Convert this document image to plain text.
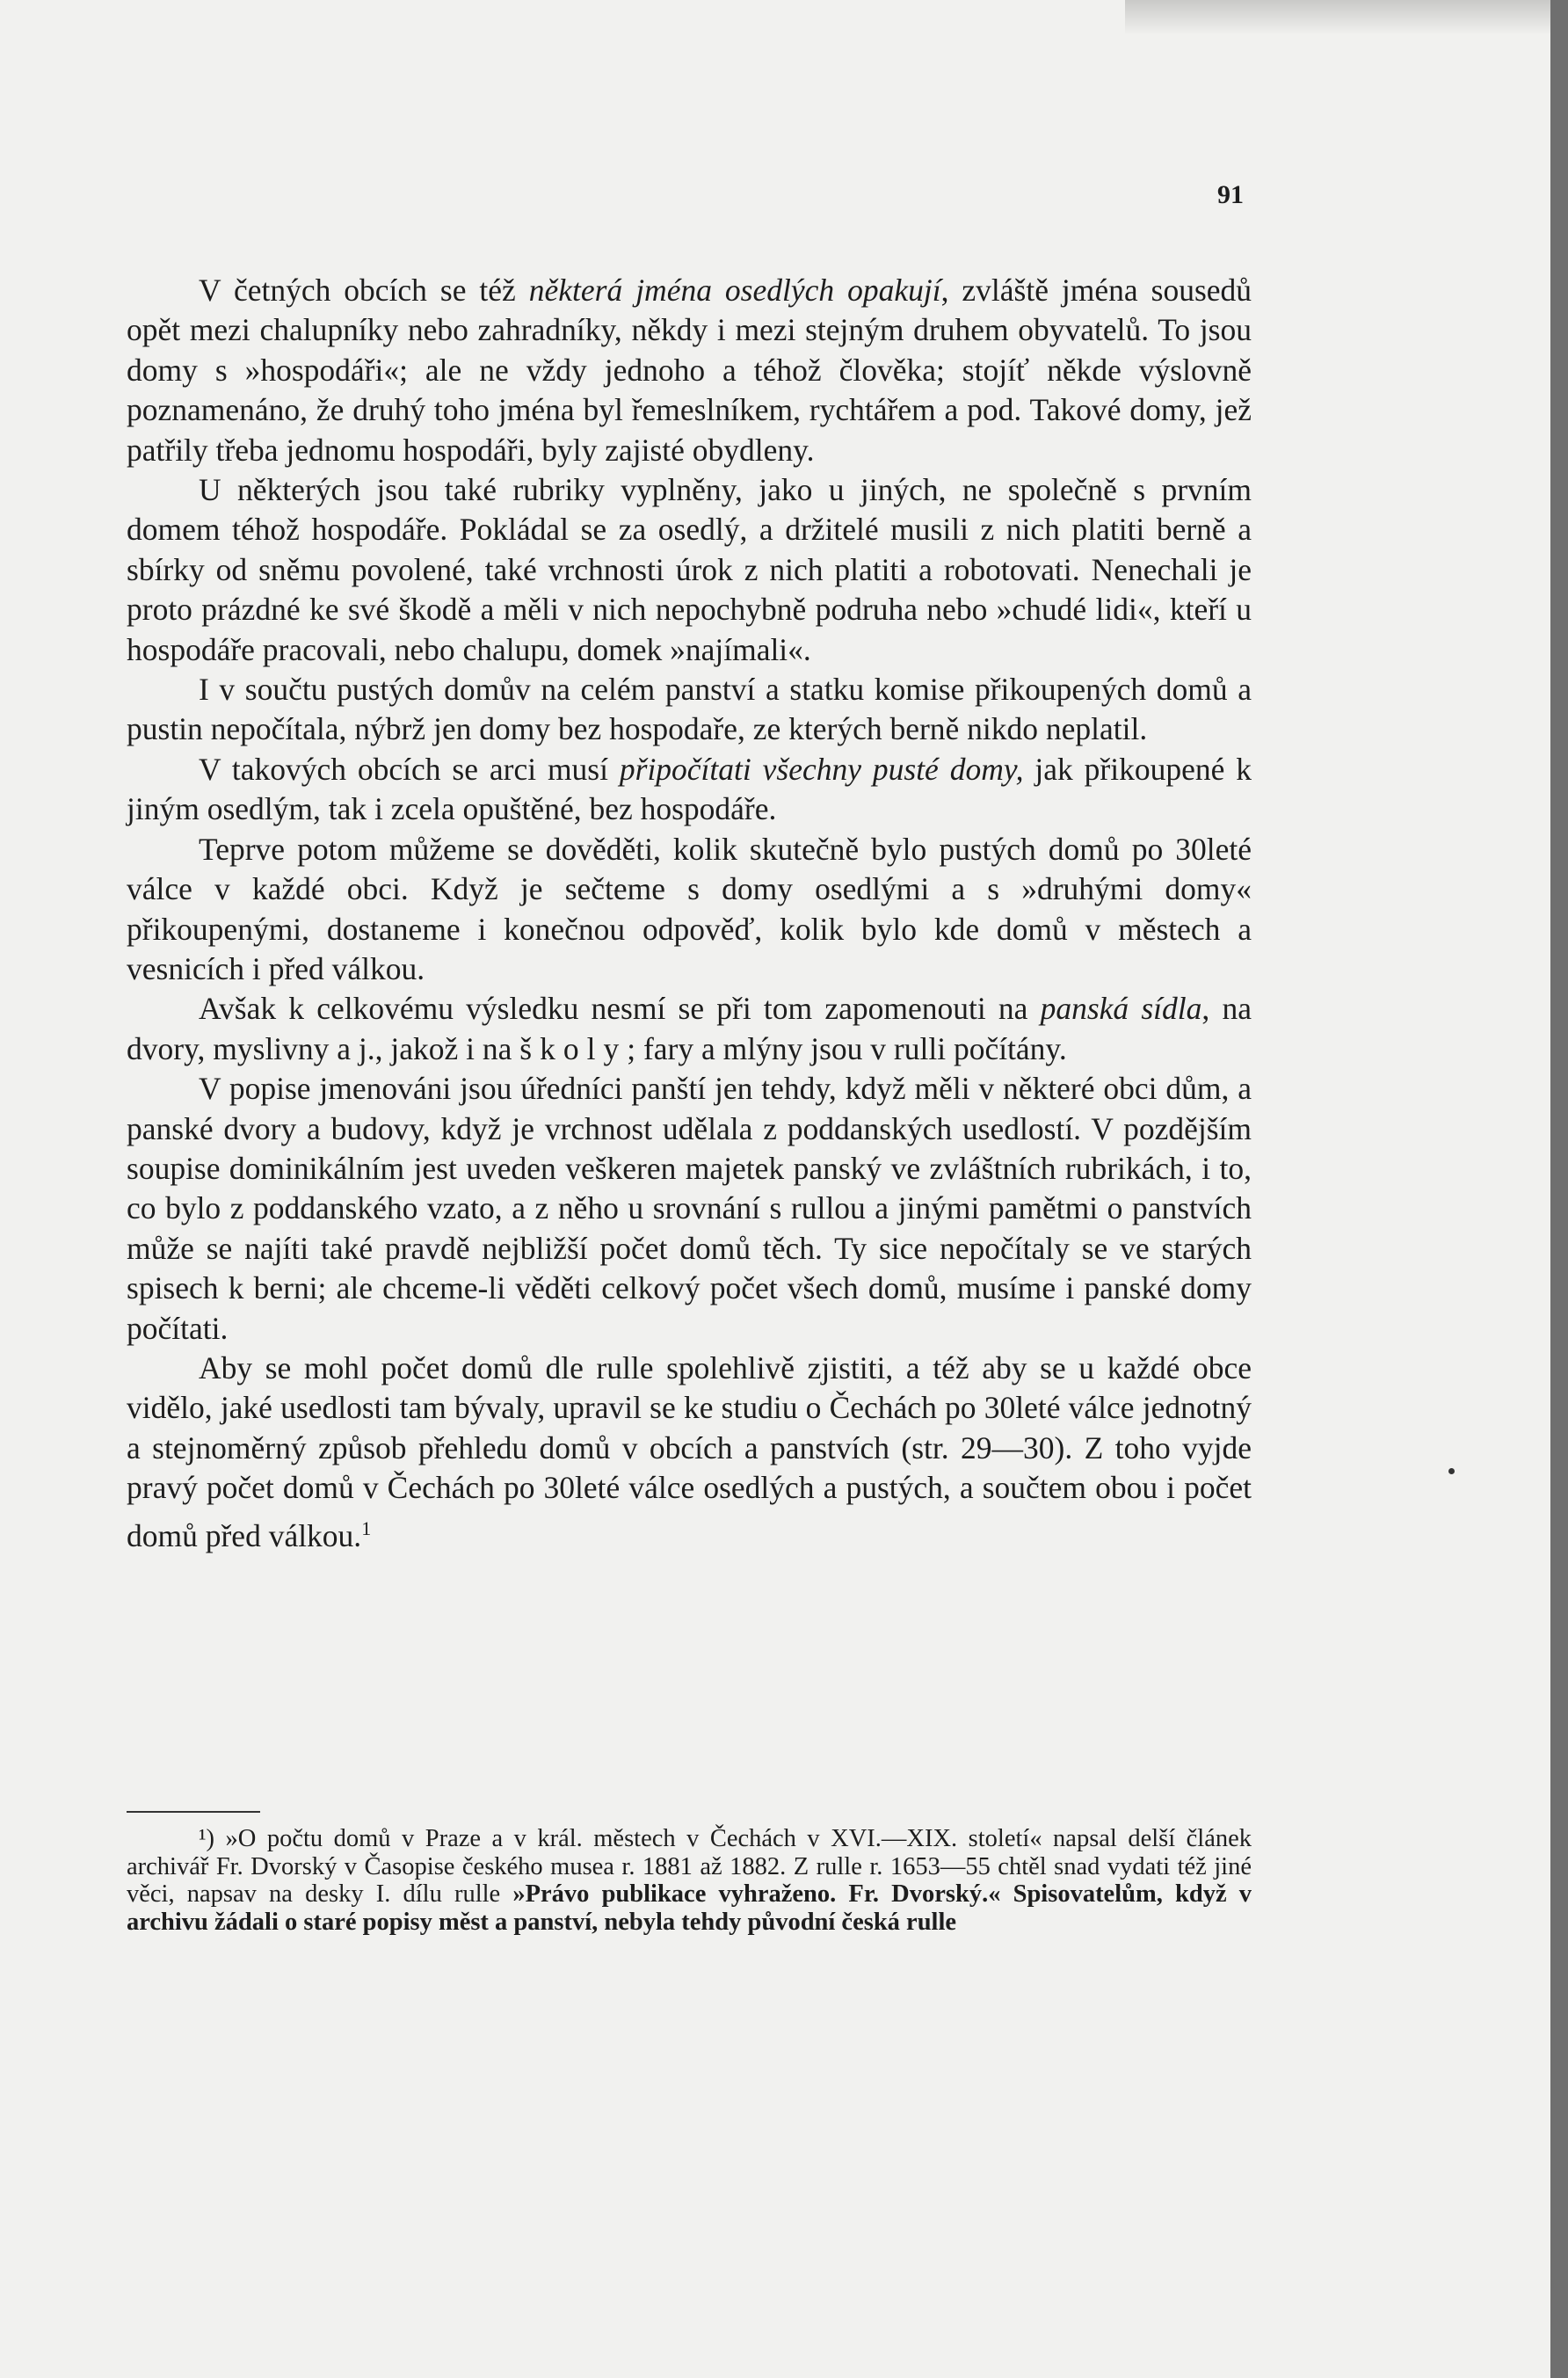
91

V četných obcích se též některá jména osedlých opakují, zvláště jména sousedů opět mezi chalupníky nebo zahradníky, někdy i mezi stejným druhem obyvatelů. To jsou domy s »hospodáři«; ale ne vždy jednoho a téhož člověka; stojíť někde výslovně poznamenáno, že druhý toho jména byl řemeslníkem, rychtářem a pod. Takové domy, jež patřily třeba jednomu hospodáři, byly zajisté obydleny.

U některých jsou také rubriky vyplněny, jako u jiných, ne společně s prvním domem téhož hospodáře. Pokládal se za osedlý, a držitelé musili z nich platiti berně a sbírky od sněmu povolené, také vrchnosti úrok z nich platiti a robotovati. Nenechali je proto prázdné ke své škodě a měli v nich nepochybně podruha nebo »chudé lidi«, kteří u hospodáře pracovali, nebo chalupu, domek »najímali«.

I v součtu pustých domův na celém panství a statku komise přikoupených domů a pustin nepočítala, nýbrž jen domy bez hospodaře, ze kterých berně nikdo neplatil.

V takových obcích se arci musí připočítati všechny pusté domy, jak přikoupené k jiným osedlým, tak i zcela opuštěné, bez hospodáře.

Teprve potom můžeme se dověděti, kolik skutečně bylo pustých domů po 30leté válce v každé obci. Když je sečteme s domy osedlými a s »druhými domy« přikoupenými, dostaneme i konečnou odpověď, kolik bylo kde domů v městech a vesnicích i před válkou.

Avšak k celkovému výsledku nesmí se při tom zapomenouti na panská sídla, na dvory, myslivny a j., jakož i na školy; fary a mlýny jsou v rulli počítány.

V popise jmenováni jsou úředníci panští jen tehdy, když měli v některé obci dům, a panské dvory a budovy, když je vrchnost udělala z poddanských usedlostí. V pozdějším soupise dominikálním jest uveden veškeren majetek panský ve zvláštních rubrikách, i to, co bylo z poddanského vzato, a z něho u srovnání s rullou a jinými pamětmi o panstvích může se najíti také pravdě nejbližší počet domů těch. Ty sice nepočítaly se ve starých spisech k berni; ale chceme-li věděti celkový počet všech domů, musíme i panské domy počítati.

Aby se mohl počet domů dle rulle spolehlivě zjistiti, a též aby se u každé obce vidělo, jaké usedlosti tam bývaly, upravil se ke studiu o Čechách po 30leté válce jednotný a stejnoměrný způsob přehledu domů v obcích a panstvích (str. 29—30). Z toho vyjde pravý počet domů v Čechách po 30leté válce osedlých a pustých, a součtem obou i počet domů před válkou.$^1$

¹) »O počtu domů v Praze a v král. městech v Čechách v XVI.—XIX. století« napsal delší článek archivář Fr. Dvorský v Časopise českého musea r. 1881 až 1882. Z rulle r. 1653—55 chtěl snad vydati též jiné věci, napsav na desky I. dílu rulle »Právo publikace vyhraženo. Fr. Dvorský.« Spisovatelům, když v archivu žádali o staré popisy měst a panství, nebyla tehdy původní česká rulle
